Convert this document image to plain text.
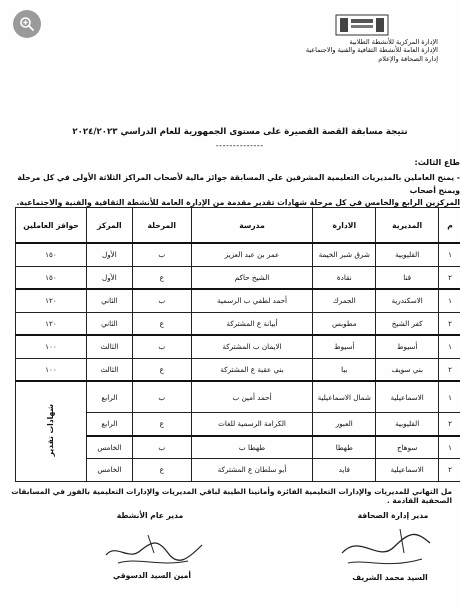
الإدارة المركزية للأنشطة الطلابية
الإدارة العامة للأنشطة الثقافية والفنية والاجتماعية
إدارة الصحافة والإعلام
نتيجة مسابقة القصة القصيرة على مستوى الجمهورية للعام الدراسي ٢٠٢٤/٢٠٢٣
- - - - - - - - - - - - - -
طاع الثالث:
- يمنح العاملين بالمديريات التعليمية المشرفين علي المسابقة جوائز مالية لأصحاب المراكز الثلاثة الأولى في كل مرحلة ويمنح أصحاب
المركزين الرابع والخامس في كل مرحلة شهادات تقدير مقدمة من الإدارة العامة للأنشطة الثقافية والفنية والاجتماعية.
م	المديرية	الادارة	مدرسة	المرحلة	المركز	حوافز العاملين
١	القليوبية	شرق شبر الخيمة	عمر بن عبد العزيز	ب	الأول	١٥٠
٢	قنا	نقادة	الشيخ حاكم	ع	الأول	١٥٠
١	الاسكندرية	الجمرك	أحمد لطفي ب الرسمية	ب	الثاني	١٢٠
٢	كفر الشيخ	مطوبس	أبيانة ع المشتركة	ع	الثاني	١٢٠
١	أسيوط	أسيوط	الايمان ب المشتركة	ب	الثالث	١٠٠
٢	بني سويف	ببا	بني عقبة ع المشتركة	ع	الثالث	١٠٠
١	الاسماعيلية	شمال الاسماعيلية	أحمد أمين ب	ب	الرابع	شهادات تقدير
٢	القليوبية	العبور	الكرامة الرسمية للغات	ع	الرابع	
١	سوهاج	طهطا	طهطا ب	ب	الخامس	
٢	الاسماعيلية	فايد	أبو سلطان ع المشتركة	ع	الخامس	
مل التهاني للمديريات والإدارات التعليمية الفائزة وأمانينا الطيبة لباقي المديريات والإدارات التعليمية بالفوز في المسابقات الصحفية القادمة .
مدير عام الأنشطة
أمين السيد الدسوقي
مدير إدارة الصحافة
السيد محمد الشريف
